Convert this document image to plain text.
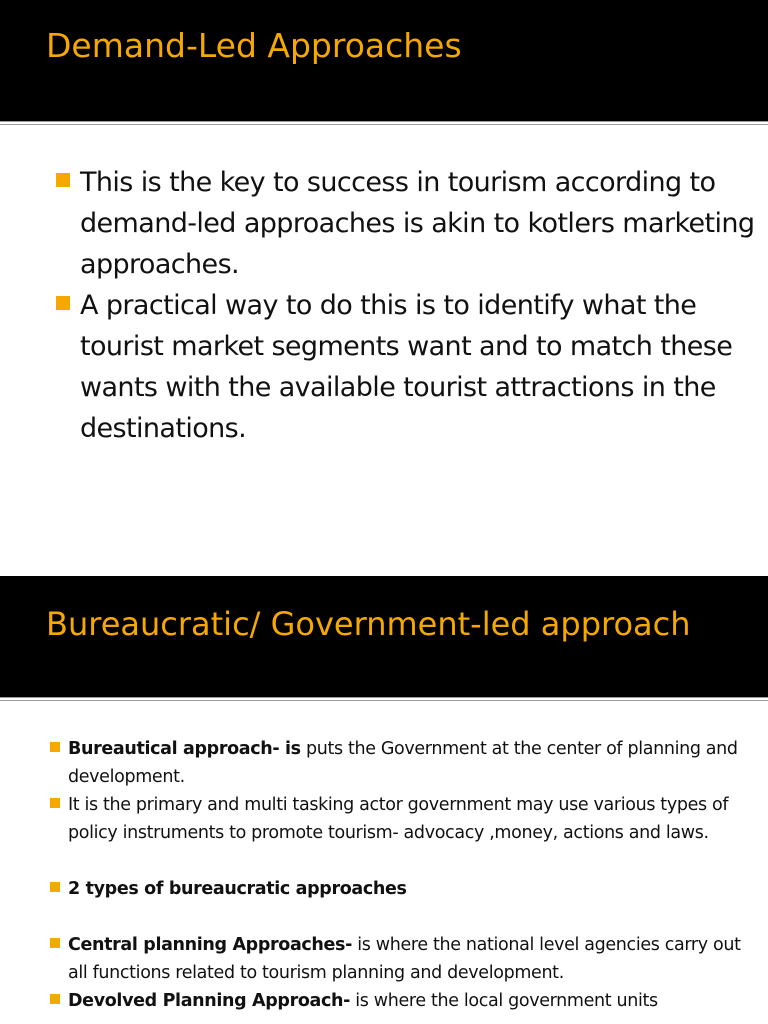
Demand-Led Approaches
This is the key to success in tourism according to demand-led approaches is akin to kotlers marketing approaches.
A practical way to do this is to identify what the tourist market segments want and to match these wants with the available tourist attractions in the destinations.
Bureaucratic/ Government-led approach
Bureautical approach- is puts the Government at the center of planning and development.
It is the primary and multi tasking actor government may use various types of policy instruments to promote tourism- advocacy ,money, actions and laws.
2 types of bureaucratic approaches
Central planning Approaches- is where the national level agencies carry out all functions related to tourism planning and development.
Devolved Planning Approach- is where the local government units
